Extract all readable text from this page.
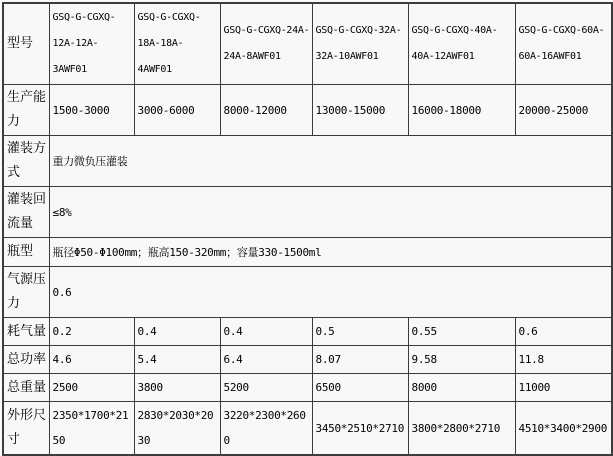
型号	GSQ-G-CGXQ-12A-12A-3AWF01	GSQ-G-CGXQ-18A-18A-4AWF01	GSQ-G-CGXQ-24A-24A-8AWF01	GSQ-G-CGXQ-32A-32A-10AWF01	GSQ-G-CGXQ-40A-40A-12AWF01	GSQ-G-CGXQ-60A-60A-16AWF01
生产能力	1500-3000	3000-6000	8000-12000	13000-15000	16000-18000	20000-25000
灌装方式	重力微负压灌装					
灌装回流量	≤8%					
瓶型	瓶径Φ50-Φ100mm；瓶高150-320mm；容量330-1500ml					
气源压力	0.6					
耗气量	0.2	0.4	0.4	0.5	0.55	0.6
总功率	4.6	5.4	6.4	8.07	9.58	11.8
总重量	2500	3800	5200	6500	8000	11000
外形尺寸	2350*1700*2150	2830*2030*2030	3220*2300*2600	3450*2510*2710	3800*2800*2710	4510*3400*2900
